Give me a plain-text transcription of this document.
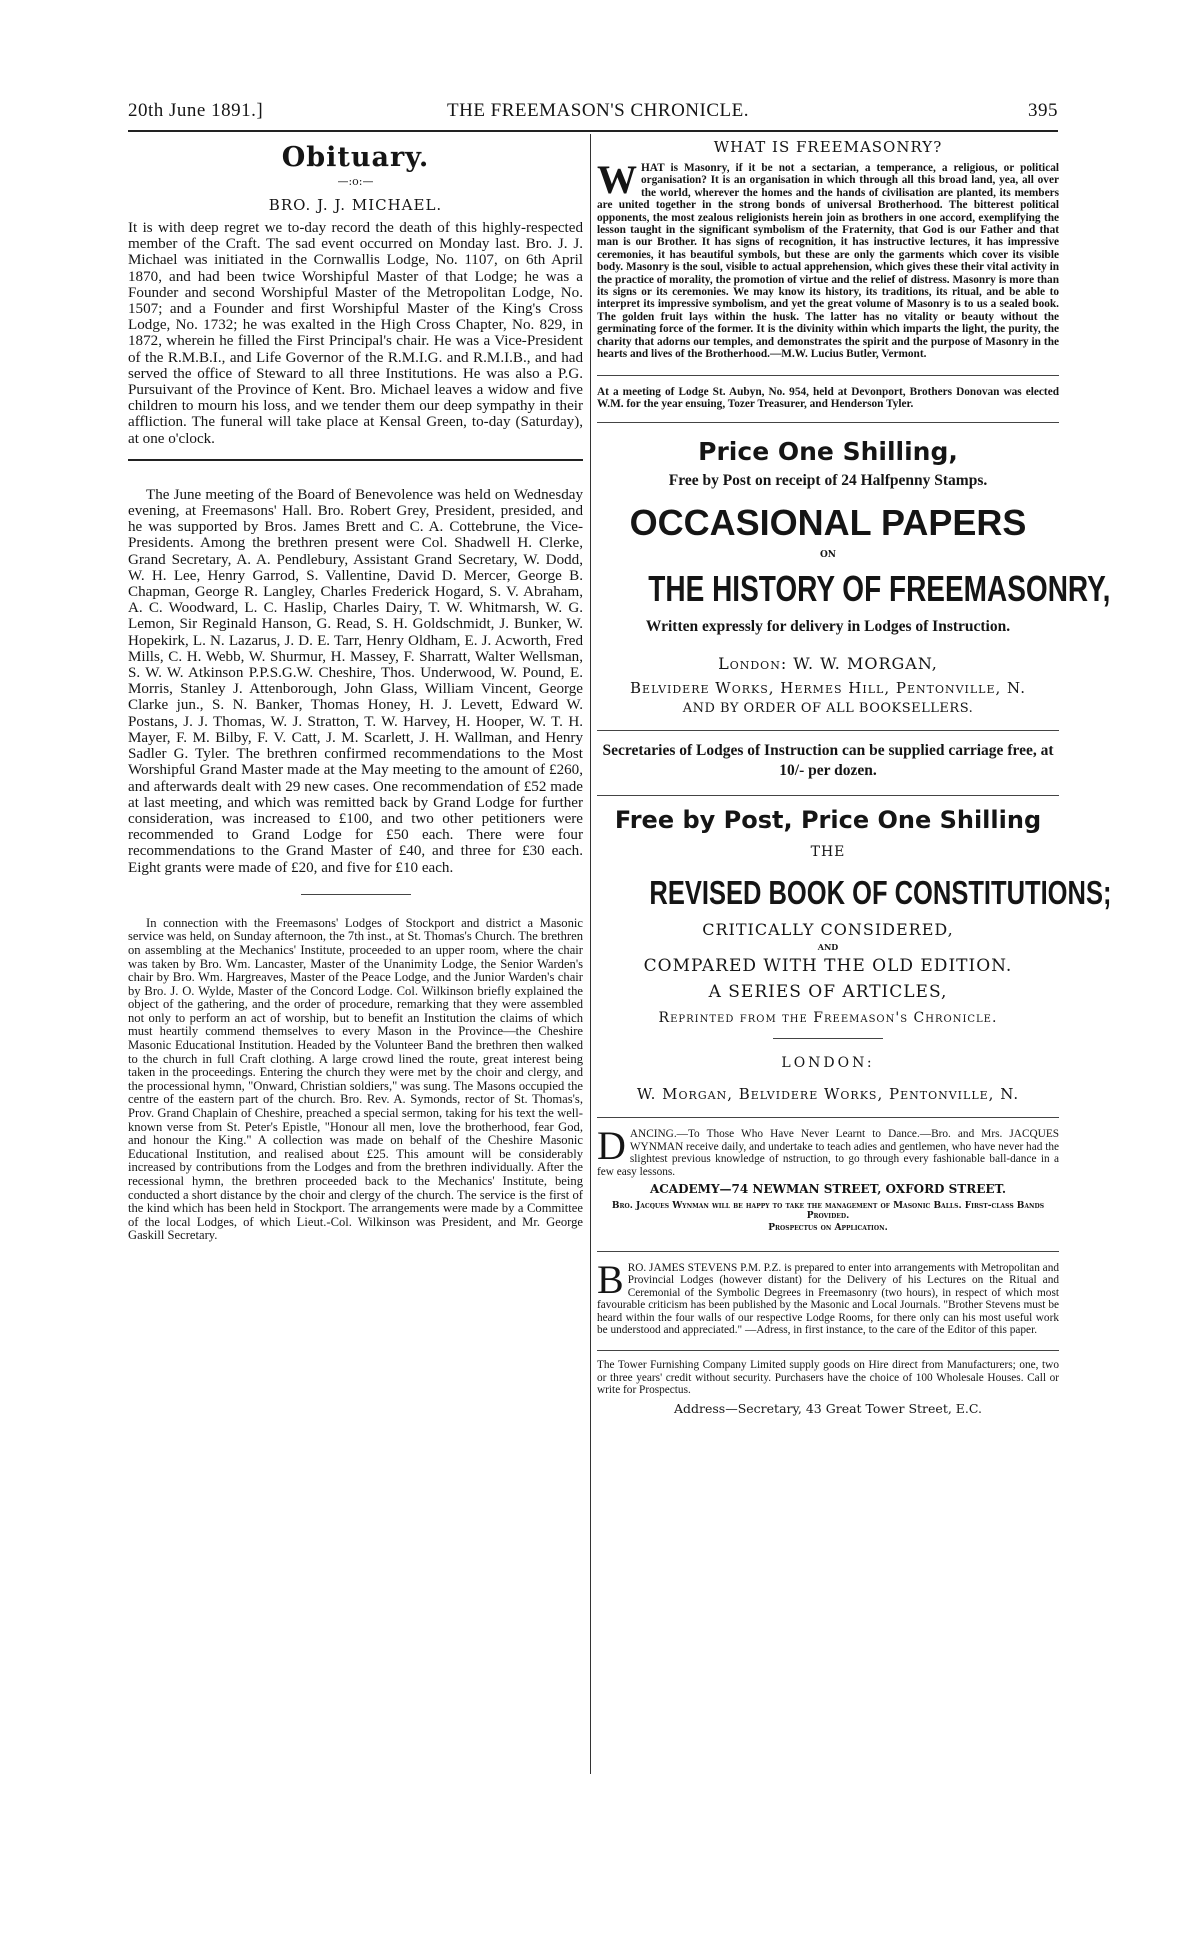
20th June 1891.]	THE FREEMASON'S CHRONICLE.	395
Obituary.
—:o:—
BRO. J. J. MICHAEL.

It is with deep regret we to-day record the death of this highly-respected member of the Craft. The sad event occurred on Monday last. Bro. J. J. Michael was initiated in the Cornwallis Lodge, No. 1107, on 6th April 1870, and had been twice Worshipful Master of that Lodge; he was a Founder and second Worshipful Master of the Metropolitan Lodge, No. 1507; and a Founder and first Worshipful Master of the King's Cross Lodge, No. 1732; he was exalted in the High Cross Chapter, No. 829, in 1872, wherein he filled the First Principal's chair. He was a Vice-President of the R.M.B.I., and Life Governor of the R.M.I.G. and R.M.I.B., and had served the office of Steward to all three Institutions. He was also a P.G. Pursuivant of the Province of Kent. Bro. Michael leaves a widow and five children to mourn his loss, and we tender them our deep sympathy in their affliction. The funeral will take place at Kensal Green, to-day (Saturday), at one o'clock.

The June meeting of the Board of Benevolence was held on Wednesday evening, at Freemasons' Hall. Bro. Robert Grey, President, presided, and he was supported by Bros. James Brett and C. A. Cottebrune, the Vice-Presidents. Among the brethren present were Col. Shadwell H. Clerke, Grand Secretary, A. A. Pendlebury, Assistant Grand Secretary, W. Dodd, W. H. Lee, Henry Garrod, S. Vallentine, David D. Mercer, George B. Chapman, George R. Langley, Charles Frederick Hogard, S. V. Abraham, A. C. Woodward, L. C. Haslip, Charles Dairy, T. W. Whitmarsh, W. G. Lemon, Sir Reginald Hanson, G. Read, S. H. Goldschmidt, J. Bunker, W. Hopekirk, L. N. Lazarus, J. D. E. Tarr, Henry Oldham, E. J. Acworth, Fred Mills, C. H. Webb, W. Shurmur, H. Massey, F. Sharratt, Walter Wellsman, S. W. W. Atkinson P.P.S.G.W. Cheshire, Thos. Underwood, W. Pound, E. Morris, Stanley J. Attenborough, John Glass, William Vincent, George Clarke jun., S. N. Banker, Thomas Honey, H. J. Levett, Edward W. Postans, J. J. Thomas, W. J. Stratton, T. W. Harvey, H. Hooper, W. T. H. Mayer, F. M. Bilby, F. V. Catt, J. M. Scarlett, J. H. Wallman, and Henry Sadler G. Tyler. The brethren confirmed recommendations to the Most Worshipful Grand Master made at the May meeting to the amount of £260, and afterwards dealt with 29 new cases. One recommendation of £52 made at last meeting, and which was remitted back by Grand Lodge for further consideration, was increased to £100, and two other petitioners were recommended to Grand Lodge for £50 each. There were four recommendations to the Grand Master of £40, and three for £30 each. Eight grants were made of £20, and five for £10 each.

In connection with the Freemasons' Lodges of Stockport and district a Masonic service was held, on Sunday afternoon, the 7th inst., at St. Thomas's Church. The brethren on assembling at the Mechanics' Institute, proceeded to an upper room, where the chair was taken by Bro. Wm. Lancaster, Master of the Unanimity Lodge, the Senior Warden's chair by Bro. Wm. Hargreaves, Master of the Peace Lodge, and the Junior Warden's chair by Bro. J. O. Wylde, Master of the Concord Lodge. Col. Wilkinson briefly explained the object of the gathering, and the order of procedure, remarking that they were assembled not only to perform an act of worship, but to benefit an Institution the claims of which must heartily commend themselves to every Mason in the Province—the Cheshire Masonic Educational Institution. Headed by the Volunteer Band the brethren then walked to the church in full Craft clothing. A large crowd lined the route, great interest being taken in the proceedings. Entering the church they were met by the choir and clergy, and the processional hymn, "Onward, Christian soldiers," was sung. The Masons occupied the centre of the eastern part of the church. Bro. Rev. A. Symonds, rector of St. Thomas's, Prov. Grand Chaplain of Cheshire, preached a special sermon, taking for his text the well-known verse from St. Peter's Epistle, "Honour all men, love the brotherhood, fear God, and honour the King." A collection was made on behalf of the Cheshire Masonic Educational Institution, and realised about £25. This amount will be considerably increased by contributions from the Lodges and from the brethren individually. After the recessional hymn, the brethren proceeded back to the Mechanics' Institute, being conducted a short distance by the choir and clergy of the church. The service is the first of the kind which has been held in Stockport. The arrangements were made by a Committee of the local Lodges, of which Lieut.-Col. Wilkinson was President, and Mr. George Gaskill Secretary.

WHAT IS FREEMASONRY?

WHAT is Masonry, if it be not a sectarian, a temperance, a religious, or political organisation? It is an organisation in which through all this broad land, yea, all over the world, wherever the homes and the hands of civilisation are planted, its members are united together in the strong bonds of universal Brotherhood. The bitterest political opponents, the most zealous religionists herein join as brothers in one accord, exemplifying the lesson taught in the significant symbolism of the Fraternity, that God is our Father and that man is our Brother. It has signs of recognition, it has instructive lectures, it has impressive ceremonies, it has beautiful symbols, but these are only the garments which cover its visible body. Masonry is the soul, visible to actual apprehension, which gives these their vital activity in the practice of morality, the promotion of virtue and the relief of distress. Masonry is more than its signs or its ceremonies. We may know its history, its traditions, its ritual, and be able to interpret its impressive symbolism, and yet the great volume of Masonry is to us a sealed book. The golden fruit lays within the husk. The latter has no vitality or beauty without the germinating force of the former. It is the divinity within which imparts the light, the purity, the charity that adorns our temples, and demonstrates the spirit and the purpose of Masonry in the hearts and lives of the Brotherhood.—M.W. Lucius Butler, Vermont.

At a meeting of Lodge St. Aubyn, No. 954, held at Devonport, Brothers Donovan was elected W.M. for the year ensuing, Tozer Treasurer, and Henderson Tyler.

Price One Shilling,
Free by Post on receipt of 24 Halfpenny Stamps.
OCCASIONAL PAPERS
ON
THE HISTORY OF FREEMASONRY,
Written expressly for delivery in Lodges of Instruction.
London: W. W. MORGAN,
Belvidere Works, Hermes Hill, Pentonville, N.
AND BY ORDER OF ALL BOOKSELLERS.
Secretaries of Lodges of Instruction can be supplied carriage free, at 10/- per dozen.
Free by Post, Price One Shilling
THE
REVISED BOOK OF CONSTITUTIONS;
CRITICALLY CONSIDERED,
AND
COMPARED WITH THE OLD EDITION.
A SERIES OF ARTICLES,
Reprinted from the Freemason's Chronicle.
LONDON:
W. Morgan, Belvidere Works, Pentonville, N.

DANCING.—To Those Who Have Never Learnt to Dance.—Bro. and Mrs. JACQUES WYNMAN receive daily, and undertake to teach adies and gentlemen, who have never had the slightest previous knowledge of nstruction, to go through every fashionable ball-dance in a few easy lessons.

ACADEMY—74 NEWMAN STREET, OXFORD STREET.
Bro. Jacques Wynman will be happy to take the management of Masonic Balls. First-class Bands Provided.
Prospectus on Application.

BRO. JAMES STEVENS P.M. P.Z. is prepared to enter into arrangements with Metropolitan and Provincial Lodges (however distant) for the Delivery of his Lectures on the Ritual and Ceremonial of the Symbolic Degrees in Freemasonry (two hours), in respect of which most favourable criticism has been published by the Masonic and Local Journals. "Brother Stevens must be heard within the four walls of our respective Lodge Rooms, for there only can his most useful work be understood and appreciated." —Adress, in first instance, to the care of the Editor of this paper.

The Tower Furnishing Company Limited supply goods on Hire direct from Manufacturers; one, two or three years' credit without security. Purchasers have the choice of 100 Wholesale Houses. Call or write for Prospectus.

Address—Secretary, 43 Great Tower Street, E.C.
